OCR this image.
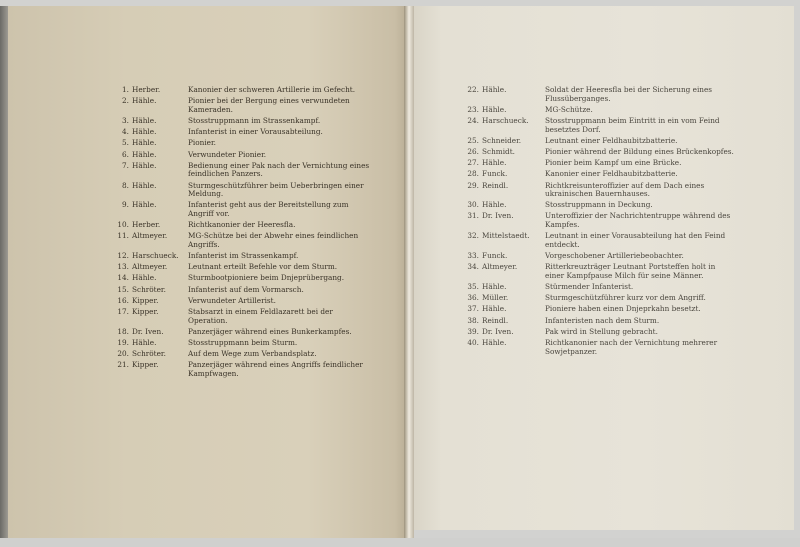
1. Herber.	Kanonier der schweren Artillerie im Gefecht.
2. Hähle.	Pionier bei der Bergung eines verwundeten Kameraden.
3. Hähle.	Stosstruppmann im Strassenkampf.
4. Hähle.	Infanterist in einer Vorausabteilung.
5. Hähle.	Pionier.
6. Hähle.	Verwundeter Pionier.
7. Hähle.	Bedienung einer Pak nach der Vernichtung eines feindlichen Panzers.
8. Hähle.	Sturmgeschützführer beim Ueberbringen einer Meldung.
9. Hähle.	Infanterist geht aus der Bereitstellung zum Angriff vor.
10. Herber.	Richtkanonier der Heeresfla.
11. Altmeyer.	MG-Schütze bei der Abwehr eines feindlichen Angriffs.
12. Harschueck.	Infanterist im Strassenkampf.
13. Altmeyer.	Leutnant erteilt Befehle vor dem Sturm.
14. Hähle.	Sturmbootpioniere beim Dnjeprübergang.
15. Schröter.	Infanterist auf dem Vormarsch.
16. Kipper.	Verwundeter Artillerist.
17. Kipper.	Stabsarzt in einem Feldlazarett bei der Operation.
18. Dr. Iven.	Panzerjäger während eines Bunkerkampfes.
19. Hähle.	Stosstruppmann beim Sturm.
20. Schröter.	Auf dem Wege zum Verbandsplatz.
21. Kipper.	Panzerjäger während eines Angriffs feindlicher Kampfwagen.
22. Hähle.	Soldat der Heeresfla bei der Sicherung eines Flussüberganges.
23. Hähle.	MG-Schütze.
24. Harschueck.	Stosstruppmann beim Eintritt in ein vom Feind besetztes Dorf.
25. Schneider.	Leutnant einer Feldhaubitzbatterie.
26. Schmidt.	Pionier während der Bildung eines Brückenkopfes.
27. Hähle.	Pionier beim Kampf um eine Brücke.
28. Funck.	Kanonier einer Feldhaubitzbatterie.
29. Reindl.	Richtkreisunteroffizier auf dem Dach eines ukrainischen Bauernhauses.
30. Hähle.	Stosstruppmann in Deckung.
31. Dr. Iven.	Unteroffizier der Nachrichtentruppe während des Kampfes.
32. Mittelstaedt.	Leutnant in einer Vorausabteilung hat den Feind entdeckt.
33. Funck.	Vorgeschobener Artilleriebeobachter.
34. Altmeyer.	Ritterkreuzträger Leutnant Portsteffen holt in einer Kampfpause Milch für seine Männer.
35. Hähle.	Stürmender Infanterist.
36. Müller.	Sturmgeschützführer kurz vor dem Angriff.
37. Hähle.	Pioniere haben einen Dnjeprkahn besetzt.
38. Reindl.	Infanteristen nach dem Sturm.
39. Dr. Iven.	Pak wird in Stellung gebracht.
40. Hähle.	Richtkanonier nach der Vernichtung mehrerer Sowjetpanzer.
